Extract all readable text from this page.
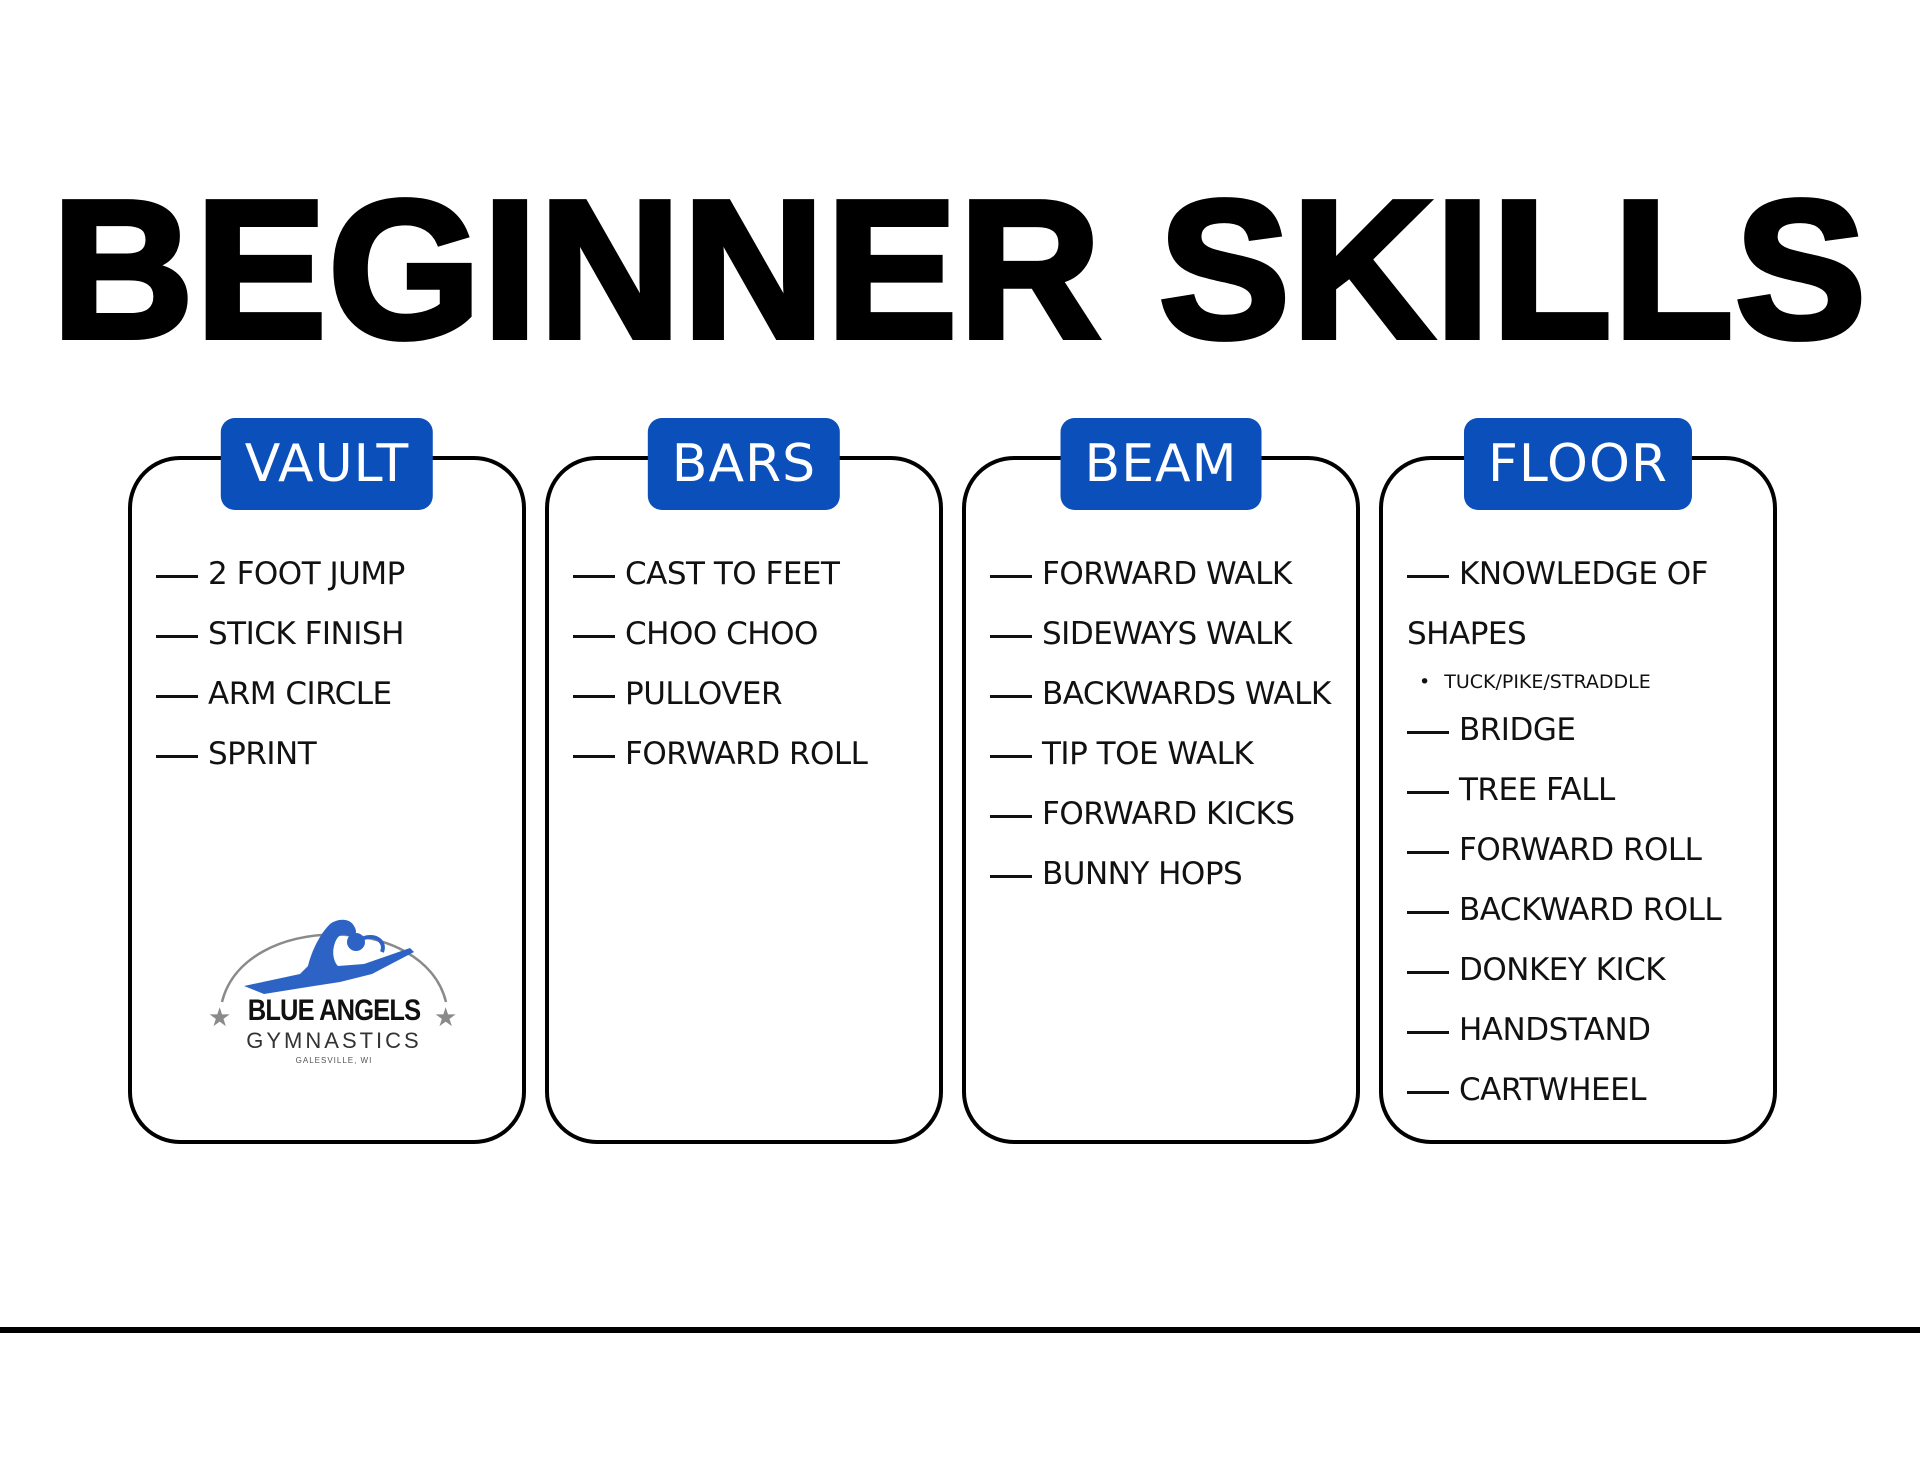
BEGINNER SKILLS
VAULT
2 FOOT JUMP
STICK FINISH
ARM CIRCLE
SPRINT
BARS
CAST TO FEET
CHOO CHOO
PULLOVER
FORWARD ROLL
BEAM
FORWARD WALK
SIDEWAYS WALK
BACKWARDS WALK
TIP TOE WALK
FORWARD KICKS
BUNNY HOPS
FLOOR
KNOWLEDGE OF
SHAPES
• TUCK/PIKE/STRADDLE
BRIDGE
TREE FALL
FORWARD ROLL
BACKWARD ROLL
DONKEY KICK
HANDSTAND
CARTWHEEL
★	★
BLUE ANGELS
GYMNASTICS
GALESVILLE, WI
